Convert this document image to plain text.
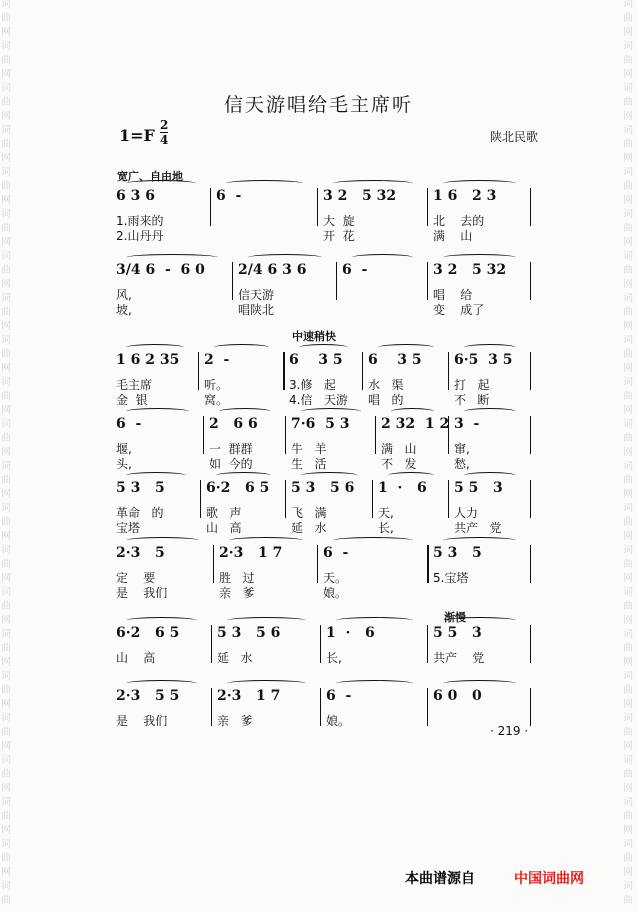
词
曲
网
词
曲
网
词
曲
网
词
曲
网
词
曲
网
词
曲
网
词
曲
网
词
曲
网
词
曲
网
词
曲
网
词
曲
网
词
曲
网
词
曲
网
词
曲
网
词
曲
网
词
曲
网
词
曲
网
词
曲
网
词
曲
网
词
曲
网
词
曲
网
词
曲
词
曲
网
词
曲
网
词
曲
网
词
曲
网
词
曲
网
词
曲
网
词
曲
网
词
曲
网
词
曲
网
词
曲
网
词
曲
网
词
曲
网
词
曲
网
词
曲
网
词
曲
网
词
曲
网
词
曲
网
词
曲
网
词
曲
网
词
曲
网
词
曲
网
词
曲
信天游唱给毛主席听
$1=F \frac{2}{4}$	陕北民歌
宽广、自由地
中速稍快
渐慢
6 3 6
1.雨来的
2.山丹丹
6  -	3 2   5 32
大  旋
开  花
1 6   2 3
北    去的
满    山
3/4 6  -  6 0
风,
坡,
2/4 6 3 6
信天游
唱陕北
6  -	3 2   5 32
唱    给
变    成了
1 6 2 35
毛主席
金  银
2  -
听。
窝。
6    3 5
3.修   起
4.信   天游
6    3 5
水   渠
唱   的
6·5  3 5
打   起
不   断
6  -
堰,
头,
2   6 6
一  群群
如  今的
7·6  5 3
牛   羊
生   活
2 32  1 2
满   山
不   发
3  -
窜,
愁,
5 3   5
革命   的
宝塔
6·2   6 5
歌   声
山   高
5 3   5 6
飞   满
延   水
1  ·   6
天,
长,
5 5   3
人力
共产   党
2·3   5
定    要
是    我们
2·3   1 7
胜   过
亲   爹
6  -
天。
娘。
5 3   5
5.宝塔
6·2   6 5
山    高
5 3   5 6
延   水
1  ·   6
长,
5 5   3
共产    党
2·3   5 5
是    我们
2·3   1 7
亲   爹
6  -
娘。
6 0   0
· 219 ·
本曲谱源自	中国词曲网
